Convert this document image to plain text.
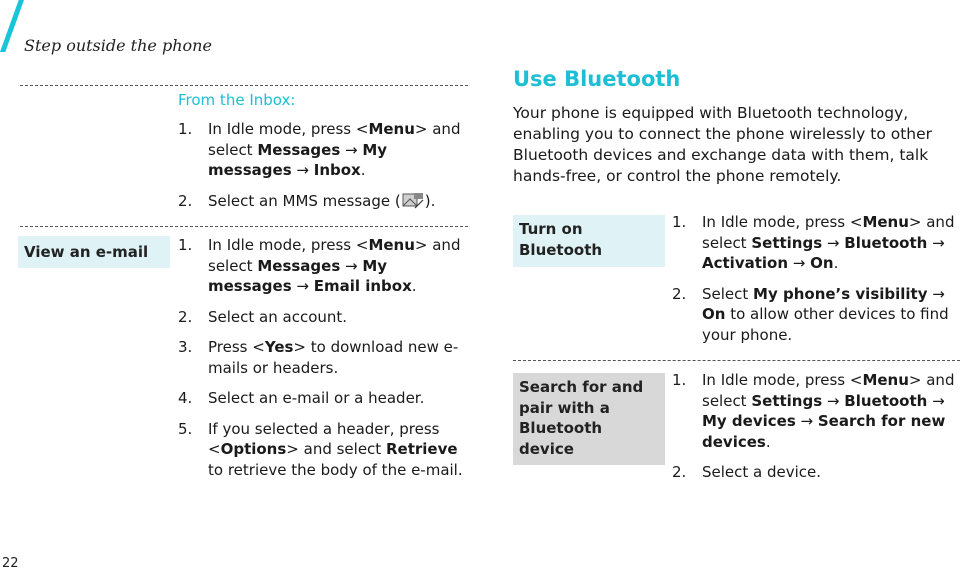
Step outside the phone
From the Inbox:
1. In Idle mode, press <Menu> and select Messages → My messages → Inbox.
2. Select an MMS message ( ).
View an e-mail	1. In Idle mode, press <Menu> and select Messages → My messages → Email inbox.
2. Select an account.
3. Press <Yes> to download new e-mails or headers.
4. Select an e-mail or a header.
5. If you selected a header, press <Options> and select Retrieve to retrieve the body of the e-mail.
Use Bluetooth
Your phone is equipped with Bluetooth technology, enabling you to connect the phone wirelessly to other Bluetooth devices and exchange data with them, talk hands-free, or control the phone remotely.
Turn on Bluetooth
1. In Idle mode, press <Menu> and select Settings → Bluetooth → Activation → On.
2. Select My phone’s visibility → On to allow other devices to find your phone.
Search for and pair with a Bluetooth device
1. In Idle mode, press <Menu> and select Settings → Bluetooth → My devices → Search for new devices.
2. Select a device.
22
